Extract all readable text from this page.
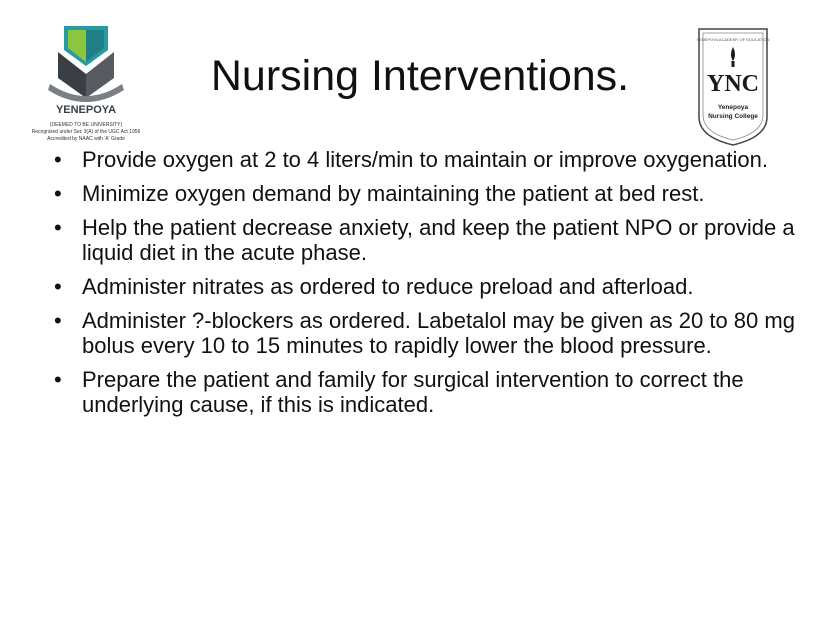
YENEPOYA
(DEEMED TO BE UNIVERSITY)
Recognized under Sec 3(A) of the UGC Act 1956
Accredited by NAAC with 'A' Grade
Nursing Interventions.
YENEPOYA ACADEMY OF EDUCATION
YNC
Yenepoya
Nursing College
• Provide oxygen at 2 to 4 liters/min to maintain or improve oxygenation.
• Minimize oxygen demand by maintaining the patient at bed rest.
• Help the patient decrease anxiety, and keep the patient NPO or provide a liquid diet in the acute phase.
• Administer nitrates as ordered to reduce preload and afterload.
• Administer ?-blockers as ordered. Labetalol may be given as 20 to 80 mg bolus every 10 to 15 minutes to rapidly lower the blood pressure.
• Prepare the patient and family for surgical intervention to correct the underlying cause, if this is indicated.
